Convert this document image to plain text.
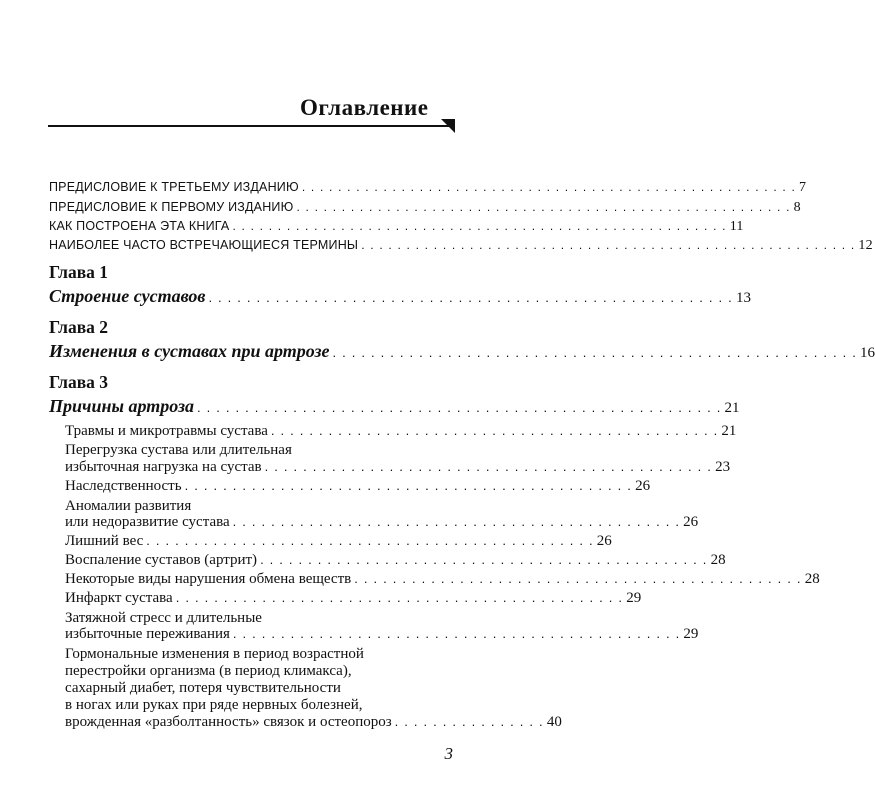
Оглавление
ПРЕДИСЛОВИЕ К ТРЕТЬЕМУ ИЗДАНИЮ . . . . . . . . . . . . . . . . . . . . . . . . . . . . . . . . . . . . . . . . . . . . . . . . . . . . . . . 7
ПРЕДИСЛОВИЕ К ПЕРВОМУ ИЗДАНИЮ . . . . . . . . . . . . . . . . . . . . . . . . . . . . . . . . . . . . . . . . . . . . . . . . . . . . . . . 8
КАК ПОСТРОЕНА ЭТА КНИГА . . . . . . . . . . . . . . . . . . . . . . . . . . . . . . . . . . . . . . . . . . . . . . . . . . . . . . . 11
НАИБОЛЕЕ ЧАСТО ВСТРЕЧАЮЩИЕСЯ ТЕРМИНЫ . . . . . . . . . . . . . . . . . . . . . . . . . . . . . . . . . . . . . . . . . . . . . . . . . . . . . . . 12
Глава 1
Строение суставов . . . . . . . . . . . . . . . . . . . . . . . . . . . . . . . . . . . . . . . . . . . . . . . . . . . . . . . 13
Глава 2
Изменения в суставах при артрозе . . . . . . . . . . . . . . . . . . . . . . . . . . . . . . . . . . . . . . . . . . . . . . . . . . . . . . . 16
Глава 3
Причины артроза . . . . . . . . . . . . . . . . . . . . . . . . . . . . . . . . . . . . . . . . . . . . . . . . . . . . . . . 21
Травмы и микротравмы сустава . . . . . . . . . . . . . . . . . . . . . . . . . . . . . . . . . . . . . . . . . . . . . . . 21
Перегрузка сустава или длительная
избыточная нагрузка на сустав . . . . . . . . . . . . . . . . . . . . . . . . . . . . . . . . . . . . . . . . . . . . . . . 23
Наследственность . . . . . . . . . . . . . . . . . . . . . . . . . . . . . . . . . . . . . . . . . . . . . . . 26
Аномалии развития
или недоразвитие сустава . . . . . . . . . . . . . . . . . . . . . . . . . . . . . . . . . . . . . . . . . . . . . . . 26
Лишний вес . . . . . . . . . . . . . . . . . . . . . . . . . . . . . . . . . . . . . . . . . . . . . . . 26
Воспаление суставов (артрит) . . . . . . . . . . . . . . . . . . . . . . . . . . . . . . . . . . . . . . . . . . . . . . . 28
Некоторые виды нарушения обмена веществ . . . . . . . . . . . . . . . . . . . . . . . . . . . . . . . . . . . . . . . . . . . . . . . 28
Инфаркт сустава . . . . . . . . . . . . . . . . . . . . . . . . . . . . . . . . . . . . . . . . . . . . . . . 29
Затяжной стресс и длительные
избыточные переживания . . . . . . . . . . . . . . . . . . . . . . . . . . . . . . . . . . . . . . . . . . . . . . . 29
Гормональные изменения в период возрастной
перестройки организма (в период климакса),
сахарный диабет, потеря чувствительности
в ногах или руках при ряде нервных болезней,
врожденная «разболтанность» связок и остеопороз . . . . . . . . . . . . . . . . 40
3
